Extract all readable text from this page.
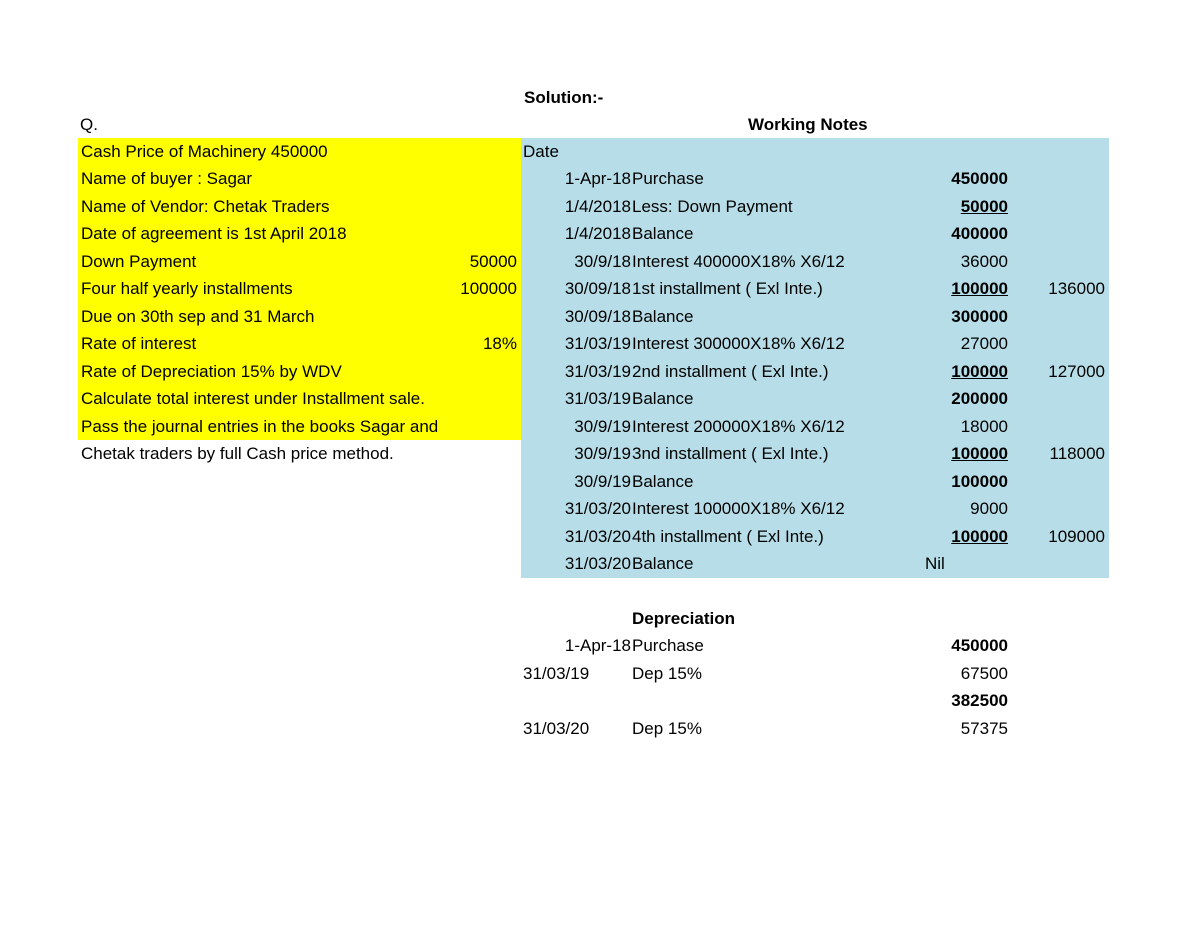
Solution:-
Q.	Working Notes
Cash Price of Machinery 450000
Name of buyer : Sagar
Name of Vendor: Chetak Traders
Date of agreement is 1st April 2018
Down Payment	50000
Four half yearly installments	100000
Due on 30th sep and 31 March
Rate of interest	18%
Rate of Depreciation 15% by WDV
Calculate total interest under Installment sale.
Pass the journal entries in the books Sagar and
Chetak traders by full Cash price method.
Date
1-Apr-18 Purchase	450000
1/4/2018 Less: Down Payment	50000
1/4/2018 Balance	400000
30/9/18 Interest 400000X18% X6/12	36000
30/09/18 1st installment ( Exl Inte.)	100000 136000
30/09/18 Balance	300000
31/03/19 Interest 300000X18% X6/12	27000
31/03/19 2nd installment ( Exl Inte.)	100000 127000
31/03/19 Balance	200000
30/9/19 Interest 200000X18% X6/12	18000
30/9/19 3nd installment ( Exl Inte.)	100000 118000
30/9/19 Balance	100000
31/03/20 Interest 100000X18% X6/12	9000
31/03/20 4th installment ( Exl Inte.)	100000 109000
31/03/20 Balance	Nil
Depreciation
1-Apr-18 Purchase	450000
31/03/19	Dep 15%	67500
382500
31/03/20	Dep 15%	57375
